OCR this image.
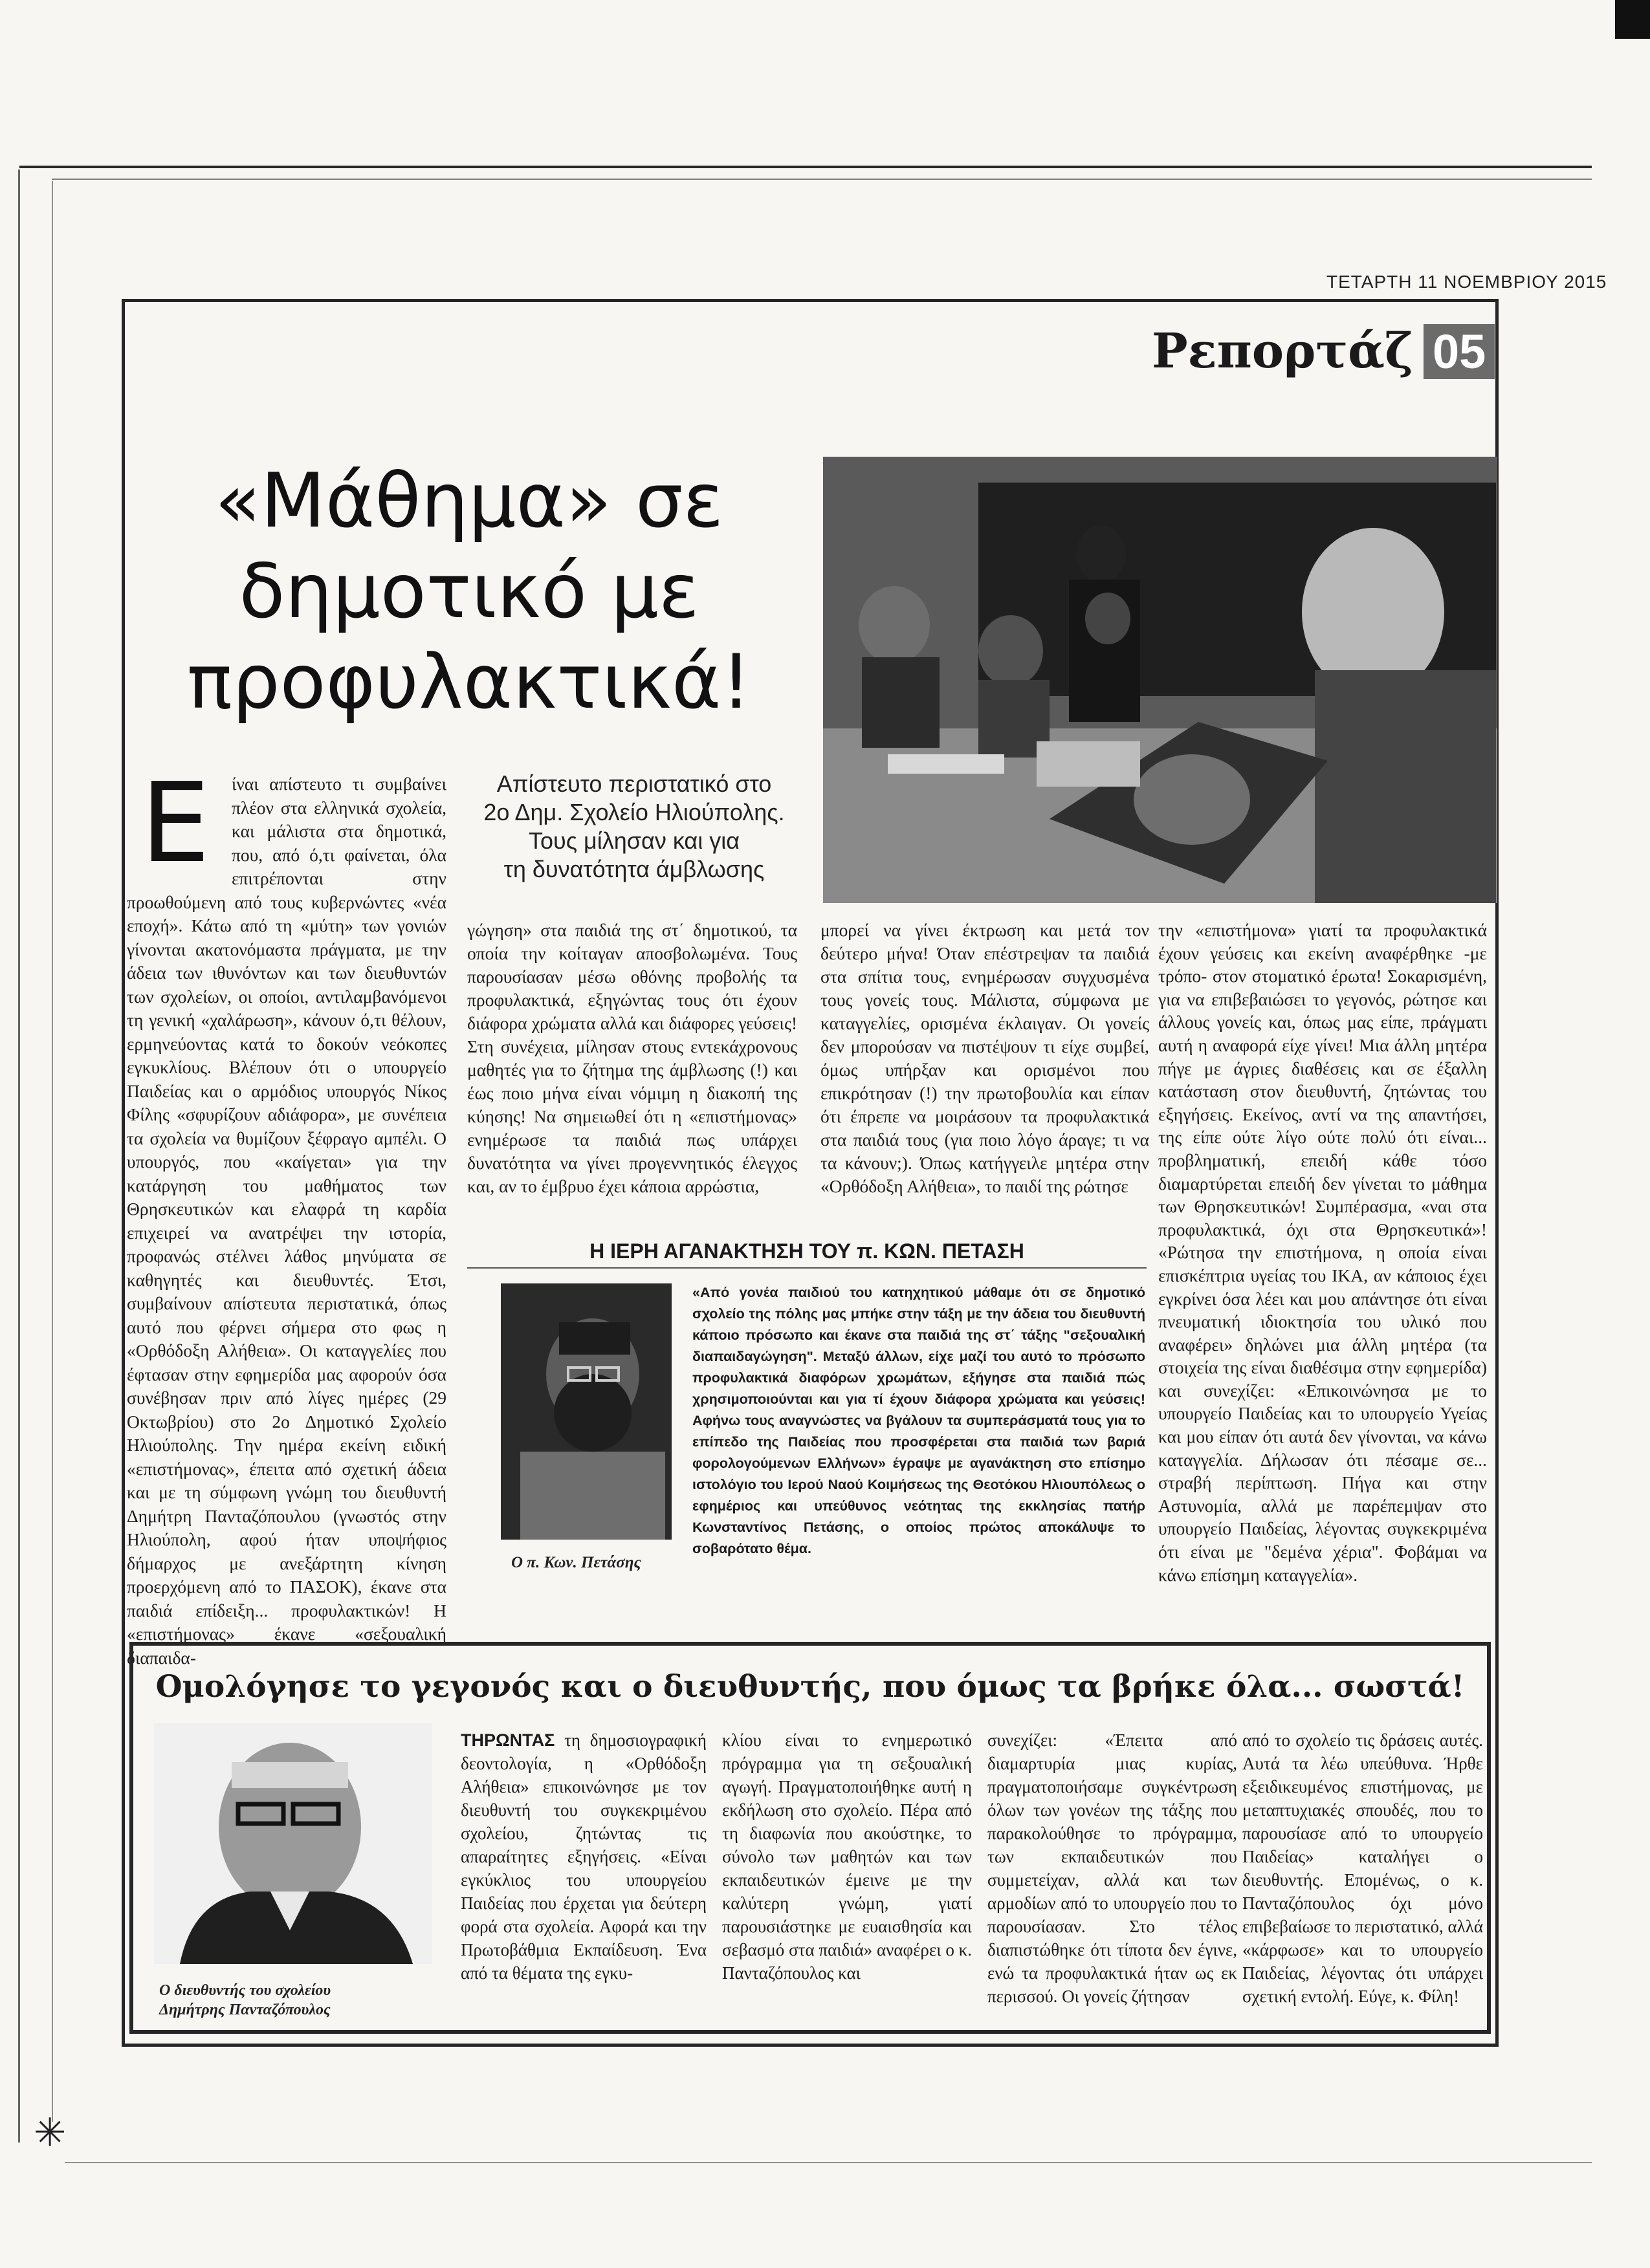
✳
ΤΕΤΑΡΤΗ 11 ΝΟΕΜΒΡΙΟΥ 2015
Ρεπορτάζ 05
«Μάθημα» σε
δημοτικό με
προφυλακτικά!
Απίστευτο περιστατικό στο
2ο Δημ. Σχολείο Ηλιούπολης.
Τους μίλησαν και για
τη δυνατότητα άμβλωσης
Ε	ίναι απίστευτο τι συμβαίνει πλέον στα ελληνικά σχολεία, και μάλιστα στα δημοτικά, που, από ό,τι φαίνεται, όλα επιτρέπονται στην προωθούμενη από τους κυβερνώντες «νέα εποχή». Κάτω από τη «μύτη» των γονιών γίνονται ακατονόμαστα πράγματα, με την άδεια των ιθυνόντων και των διευθυντών των σχολείων, οι οποίοι, αντιλαμβανόμενοι τη γενική «χαλάρωση», κάνουν ό,τι θέλουν, ερμηνεύοντας κατά το δοκούν νεόκοπες εγκυκλίους. Βλέπουν ότι ο υπουργείο Παιδείας και ο αρμόδιος υπουργός Νίκος Φίλης «σφυρίζουν αδιάφορα», με συνέπεια τα σχολεία να θυμίζουν ξέφραγο αμπέλι. Ο υπουργός, που «καίγεται» για την κατάργηση του μαθήματος των Θρησκευτικών και ελαφρά τη καρδία επιχειρεί να ανατρέψει την ιστορία, προφανώς στέλνει λάθος μηνύματα σε καθηγητές και διευθυντές. Έτσι, συμβαίνουν απίστευτα περιστατικά, όπως αυτό που φέρνει σήμερα στο φως η «Ορθόδοξη Αλήθεια». Οι καταγγελίες που έφτασαν στην εφημερίδα μας αφορούν όσα συνέβησαν πριν από λίγες ημέρες (29 Οκτωβρίου) στο 2ο Δημοτικό Σχολείο Ηλιούπολης. Την ημέρα εκείνη ειδική «επιστήμονας», έπειτα από σχετική άδεια και με τη σύμφωνη γνώμη του διευθυντή Δημήτρη Πανταζόπουλου (γνωστός στην Ηλιούπολη, αφού ήταν υποψήφιος δήμαρχος με ανεξάρτητη κίνηση προερχόμενη από το ΠΑΣΟΚ), έκανε στα παιδιά επίδειξη... προφυλακτικών! Η «επιστήμονας» έκανε «σεξουαλική διαπαιδα-

γώγηση» στα παιδιά της στ΄ δημοτικού, τα οποία την κοίταγαν αποσβολωμένα. Τους παρουσίασαν μέσω οθόνης προβολής τα προφυλακτικά, εξηγώντας τους ότι έχουν διάφορα χρώματα αλλά και διάφορες γεύσεις! Στη συνέχεια, μίλησαν στους εντεκάχρονους μαθητές για το ζήτημα της άμβλωσης (!) και έως ποιο μήνα είναι νόμιμη η διακοπή της κύησης! Να σημειωθεί ότι η «επιστήμονας» ενημέρωσε τα παιδιά πως υπάρχει δυνατότητα να γίνει προγεννητικός έλεγχος και, αν το έμβρυο έχει κάποια αρρώστια,

μπορεί να γίνει έκτρωση και μετά τον δεύτερο μήνα! Όταν επέστρεψαν τα παιδιά στα σπίτια τους, ενημέρωσαν συγχυσμένα τους γονείς τους. Μάλιστα, σύμφωνα με καταγγελίες, ορισμένα έκλαιγαν. Οι γονείς δεν μπορούσαν να πιστέψουν τι είχε συμβεί, όμως υπήρξαν και ορισμένοι που επικρότησαν (!) την πρωτοβουλία και είπαν ότι έπρεπε να μοιράσουν τα προφυλακτικά στα παιδιά τους (για ποιο λόγο άραγε; τι να τα κάνουν;). Όπως κατήγγειλε μητέρα στην «Ορθόδοξη Αλήθεια», το παιδί της ρώτησε

την «επιστήμονα» γιατί τα προφυλακτικά έχουν γεύσεις και εκείνη αναφέρθηκε -με τρόπο- στον στοματικό έρωτα! Σοκαρισμένη, για να επιβεβαιώσει το γεγονός, ρώτησε και άλλους γονείς και, όπως μας είπε, πράγματι αυτή η αναφορά είχε γίνει! Μια άλλη μητέρα πήγε με άγριες διαθέσεις και σε έξαλλη κατάσταση στον διευθυντή, ζητώντας του εξηγήσεις. Εκείνος, αντί να της απαντήσει, της είπε ούτε λίγο ούτε πολύ ότι είναι... προβληματική, επειδή κάθε τόσο διαμαρτύρεται επειδή δεν γίνεται το μάθημα των Θρησκευτικών! Συμπέρασμα, «ναι στα προφυλακτικά, όχι στα Θρησκευτικά»! «Ρώτησα την επιστήμονα, η οποία είναι επισκέπτρια υγείας του ΙΚΑ, αν κάποιος έχει εγκρίνει όσα λέει και μου απάντησε ότι είναι πνευματική ιδιοκτησία του υλικό που αναφέρει» δηλώνει μια άλλη μητέρα (τα στοιχεία της είναι διαθέσιμα στην εφημερίδα) και συνεχίζει: «Επικοινώνησα με το υπουργείο Παιδείας και το υπουργείο Υγείας και μου είπαν ότι αυτά δεν γίνονται, να κάνω καταγγελία. Δήλωσαν ότι πέσαμε σε... στραβή περίπτωση. Πήγα και στην Αστυνομία, αλλά με παρέπεμψαν στο υπουργείο Παιδείας, λέγοντας συγκεκριμένα ότι είναι με "δεμένα χέρια". Φοβάμαι να κάνω επίσημη καταγγελία».

Η ΙΕΡΗ ΑΓΑΝΑΚΤΗΣΗ ΤΟΥ π. ΚΩΝ. ΠΕΤΑΣΗ
Ο π. Κων. Πετάσης

«Από γονέα παιδιού του κατηχητικού μάθαμε ότι σε δημοτικό σχολείο της πόλης μας μπήκε στην τάξη με την άδεια του διευθυντή κάποιο πρόσωπο και έκανε στα παιδιά της στ΄ τάξης "σεξουαλική διαπαιδαγώγηση". Μεταξύ άλλων, είχε μαζί του αυτό το πρόσωπο προφυλακτικά διαφόρων χρωμάτων, εξήγησε στα παιδιά πώς χρησιμοποιούνται και για τί έχουν διάφορα χρώματα και γεύσεις! Αφήνω τους αναγνώστες να βγάλουν τα συμπεράσματά τους για το επίπεδο της Παιδείας που προσφέρεται στα παιδιά των βαριά φορολογούμενων Ελλήνων» έγραψε με αγανάκτηση στο επίσημο ιστολόγιο του Ιερού Ναού Κοιμήσεως της Θεοτόκου Ηλιουπόλεως ο εφημέριος και υπεύθυνος νεότητας της εκκλησίας πατήρ Κωνσταντίνος Πετάσης, ο οποίος πρώτος αποκάλυψε το σοβαρότατο θέμα.

Ομολόγησε το γεγονός και ο διευθυντής, που όμως τα βρήκε όλα... σωστά!
Ο διευθυντής του σχολείου Δημήτρης Πανταζόπουλος

ΤΗΡΩΝΤΑΣ τη δημοσιογραφική δεοντολογία, η «Ορθόδοξη Αλήθεια» επικοινώνησε με τον διευθυντή του συγκεκριμένου σχολείου, ζητώντας τις απαραίτητες εξηγήσεις. «Είναι εγκύκλιος του υπουργείου Παιδείας που έρχεται για δεύτερη φορά στα σχολεία. Αφορά και την Πρωτοβάθμια Εκπαίδευση. Ένα από τα θέματα της εγκυ-

κλίου είναι το ενημερωτικό πρόγραμμα για τη σεξουαλική αγωγή. Πραγματοποιήθηκε αυτή η εκδήλωση στο σχολείο. Πέρα από τη διαφωνία που ακούστηκε, το σύνολο των μαθητών και των εκπαιδευτικών έμεινε με την καλύτερη γνώμη, γιατί παρουσιάστηκε με ευαισθησία και σεβασμό στα παιδιά» αναφέρει ο κ. Πανταζόπουλος και

συνεχίζει: «Έπειτα από διαμαρτυρία μιας κυρίας, πραγματοποιήσαμε συγκέντρωση όλων των γονέων της τάξης που παρακολούθησε το πρόγραμμα, των εκπαιδευτικών που συμμετείχαν, αλλά και των αρμοδίων από το υπουργείο που το παρουσίασαν. Στο τέλος διαπιστώθηκε ότι τίποτα δεν έγινε, ενώ τα προφυλακτικά ήταν ως εκ περισσού. Οι γονείς ζήτησαν

από το σχολείο τις δράσεις αυτές. Αυτά τα λέω υπεύθυνα. Ήρθε εξειδικευμένος επιστήμονας, με μεταπτυχιακές σπουδές, που το παρουσίασε από το υπουργείο Παιδείας» καταλήγει ο διευθυντής. Επομένως, ο κ. Πανταζόπουλος όχι μόνο επιβεβαίωσε το περιστατικό, αλλά «κάρφωσε» και το υπουργείο Παιδείας, λέγοντας ότι υπάρχει σχετική εντολή. Εύγε, κ. Φίλη!
